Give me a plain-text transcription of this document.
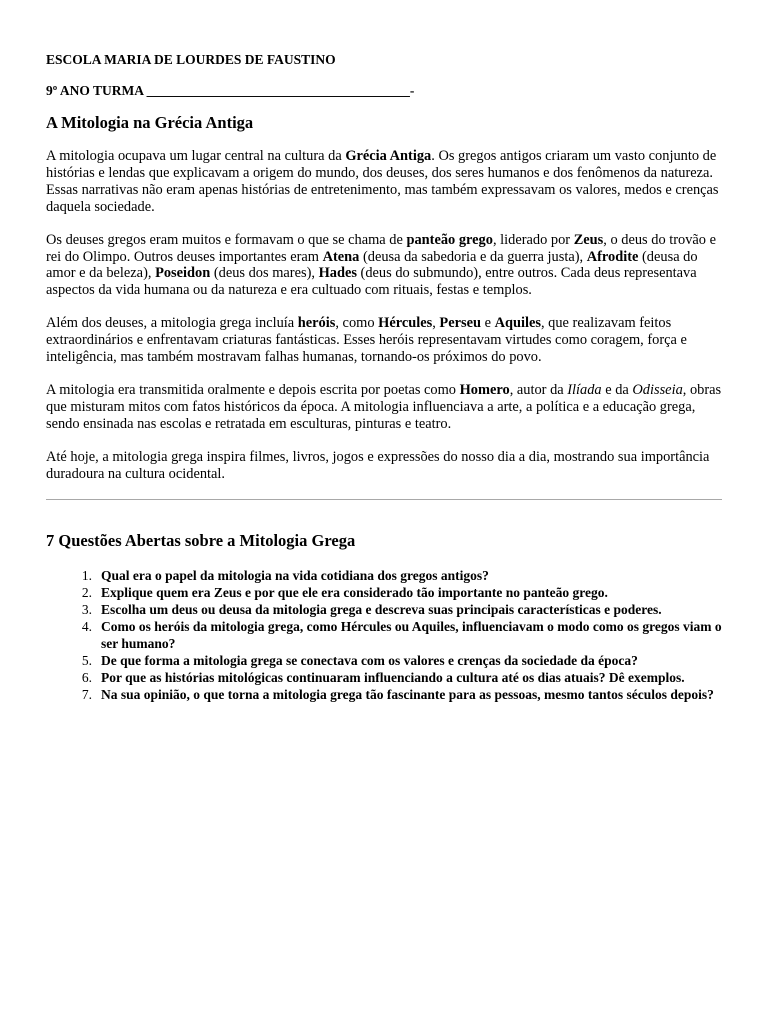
ESCOLA MARIA DE LOURDES DE FAUSTINO

9º ANO TURMA _______________________________________-

A Mitologia na Grécia Antiga

A mitologia ocupava um lugar central na cultura da Grécia Antiga. Os gregos antigos criaram um vasto conjunto de histórias e lendas que explicavam a origem do mundo, dos deuses, dos seres humanos e dos fenômenos da natureza. Essas narrativas não eram apenas histórias de entretenimento, mas também expressavam os valores, medos e crenças daquela sociedade.

Os deuses gregos eram muitos e formavam o que se chama de panteão grego, liderado por Zeus, o deus do trovão e rei do Olimpo. Outros deuses importantes eram Atena (deusa da sabedoria e da guerra justa), Afrodite (deusa do amor e da beleza), Poseidon (deus dos mares), Hades (deus do submundo), entre outros. Cada deus representava aspectos da vida humana ou da natureza e era cultuado com rituais, festas e templos.

Além dos deuses, a mitologia grega incluía heróis, como Hércules, Perseu e Aquiles, que realizavam feitos extraordinários e enfrentavam criaturas fantásticas. Esses heróis representavam virtudes como coragem, força e inteligência, mas também mostravam falhas humanas, tornando-os próximos do povo.

A mitologia era transmitida oralmente e depois escrita por poetas como Homero, autor da Ilíada e da Odisseia, obras que misturam mitos com fatos históricos da época. A mitologia influenciava a arte, a política e a educação grega, sendo ensinada nas escolas e retratada em esculturas, pinturas e teatro.

Até hoje, a mitologia grega inspira filmes, livros, jogos e expressões do nosso dia a dia, mostrando sua importância duradoura na cultura ocidental.

7 Questões Abertas sobre a Mitologia Grega
1. Qual era o papel da mitologia na vida cotidiana dos gregos antigos?
2. Explique quem era Zeus e por que ele era considerado tão importante no panteão grego.
3. Escolha um deus ou deusa da mitologia grega e descreva suas principais características e poderes.
4. Como os heróis da mitologia grega, como Hércules ou Aquiles, influenciavam o modo como os gregos viam o ser humano?
5. De que forma a mitologia grega se conectava com os valores e crenças da sociedade da época?
6. Por que as histórias mitológicas continuaram influenciando a cultura até os dias atuais? Dê exemplos.
7. Na sua opinião, o que torna a mitologia grega tão fascinante para as pessoas, mesmo tantos séculos depois?
